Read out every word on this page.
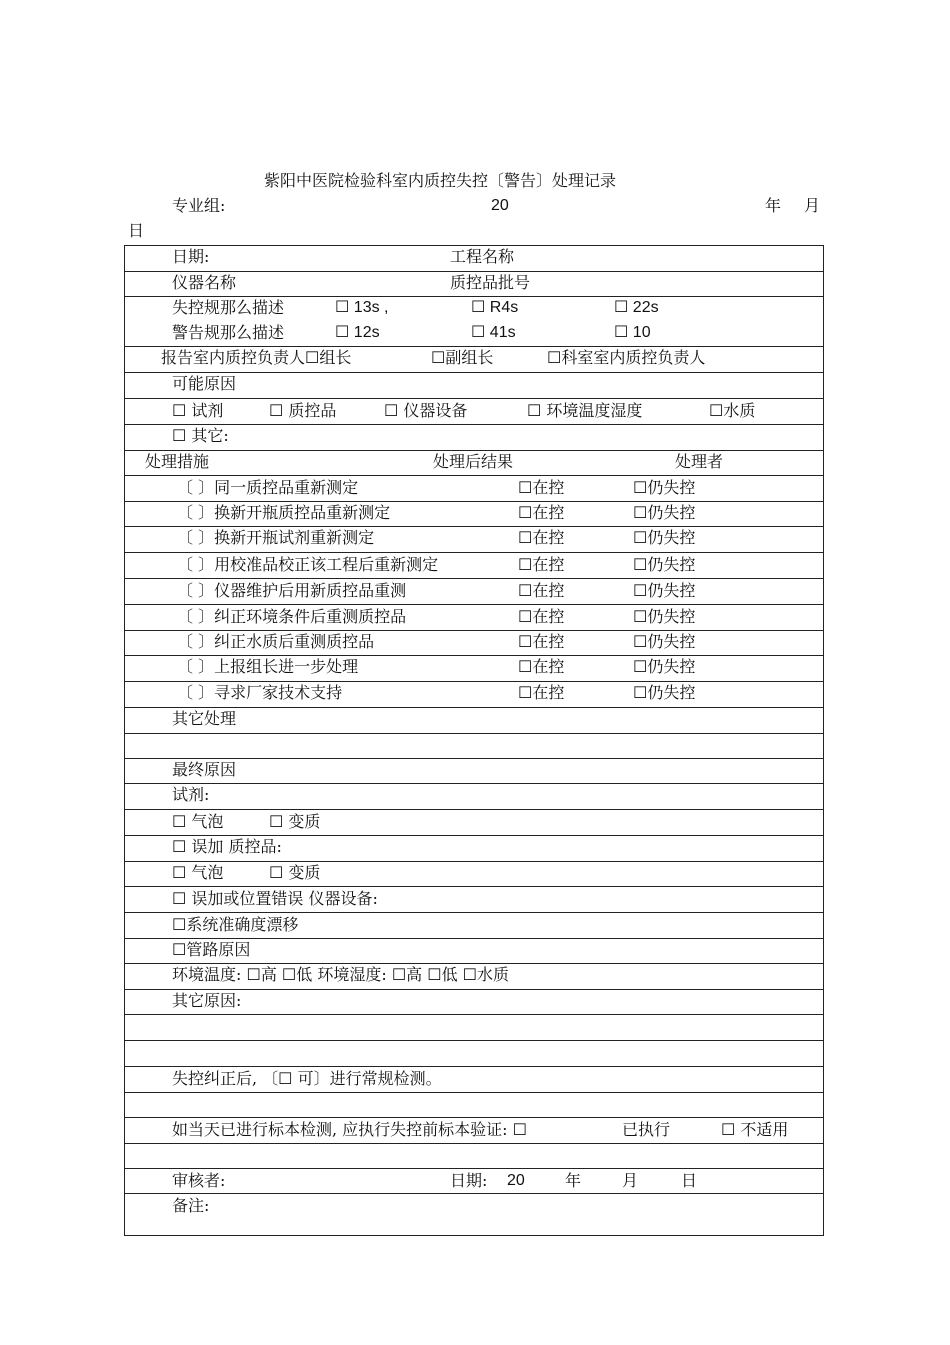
紫阳中医院检验科室内质控失控〔警告〕处理记录
专业组:	20	年 月
日
日期:	工程名称
仪器名称	质控品批号
失控规那么描述	☐ 13s ,	☐ R4s	☐ 22s
警告规那么描述	☐ 12s	☐ 41s	☐ 10
报告室内质控负责人☐组长	☐副组长	☐科室室内质控负责人
可能原因
☐ 试剂	☐ 质控品	☐ 仪器设备	☐ 环境温度湿度	☐水质
☐ 其它:
处理措施	处理后结果	处理者
〔 〕同一质控品重新测定	☐在控	☐仍失控
〔 〕换新开瓶质控品重新测定	☐在控	☐仍失控
〔 〕换新开瓶试剂重新测定	☐在控	☐仍失控
〔 〕用校准品校正该工程后重新测定	☐在控	☐仍失控
〔 〕仪器维护后用新质控品重测	☐在控	☐仍失控
〔 〕纠正环境条件后重测质控品	☐在控	☐仍失控
〔 〕纠正水质后重测质控品	☐在控	☐仍失控
〔 〕上报组长进一步处理	☐在控	☐仍失控
〔 〕寻求厂家技术支持	☐在控	☐仍失控
其它处理
最终原因
试剂:
☐ 气泡	☐ 变质
☐ 误加 质控品:
☐ 气泡	☐ 变质
☐ 误加或位置错误 仪器设备:
☐系统准确度漂移
☐管路原因
环境温度: ☐高 ☐低 环境湿度: ☐高 ☐低 ☐水质
其它原因:
失控纠正后, 〔☐ 可〕进行常规检测。
如当天已进行标本检测, 应执行失控前标本验证: ☐	已执行	☐ 不适用
审核者:	日期: 20	年	月	日
备注:
